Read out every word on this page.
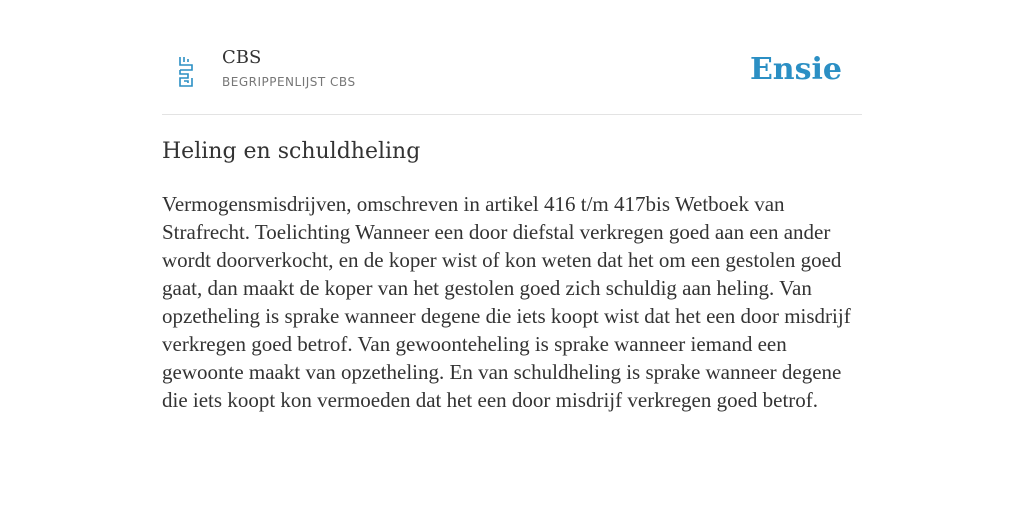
CBS
BEGRIPPENLIJST CBS	Ensie
Heling en schuldheling

Vermogensmisdrijven, omschreven in artikel 416 t/m 417bis Wetboek van Strafrecht. Toelichting Wanneer een door diefstal verkregen goed aan een ander wordt doorverkocht, en de koper wist of kon weten dat het om een gestolen goed gaat, dan maakt de koper van het gestolen goed zich schuldig aan heling. Van opzetheling is sprake wanneer degene die iets koopt wist dat het een door misdrijf verkregen goed betrof. Van gewoonteheling is sprake wanneer iemand een gewoonte maakt van opzetheling. En van schuldheling is sprake wanneer degene die iets koopt kon vermoeden dat het een door misdrijf verkregen goed betrof.
